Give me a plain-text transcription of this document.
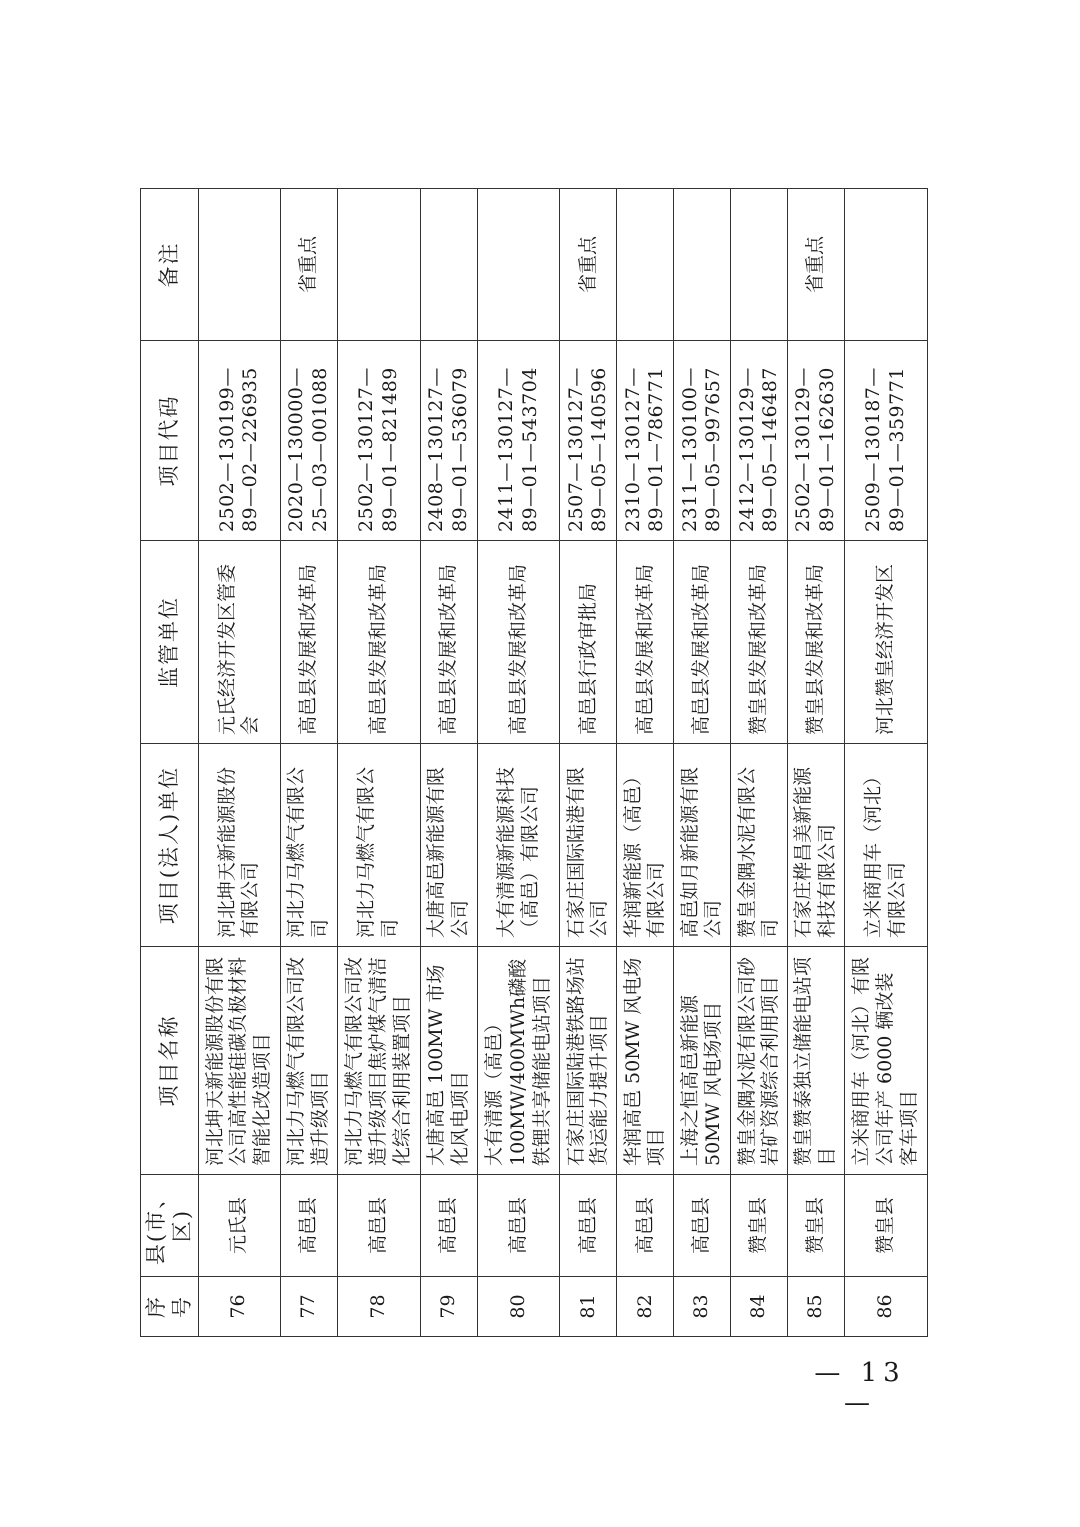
序号	县(市、区)	项目名称	项目(法人)单位	监管单位	项目代码	备注
76	元氏县	河北坤天新能源股份有限公司高性能硅碳负极材料智能化改造项目	河北坤天新能源股份有限公司	元氏经济开发区管委会	2502—130199—89—02—226935	
77	高邑县	河北力马燃气有限公司改造升级项目	河北力马燃气有限公司	高邑县发展和改革局	2020—130000—25—03—001088	省重点
78	高邑县	河北力马燃气有限公司改造升级项目焦炉煤气清洁化综合利用装置项目	河北力马燃气有限公司	高邑县发展和改革局	2502—130127—89—01—821489	
79	高邑县	大唐高邑 100MW 市场化风电项目	大唐高邑新能源有限公司	高邑县发展和改革局	2408—130127—89—01—536079	
80	高邑县	大有清源（高邑）100MW/400MWh磷酸铁锂共享储能电站项目	大有清源新能源科技（高邑）有限公司	高邑县发展和改革局	2411—130127—89—01—543704	
81	高邑县	石家庄国际陆港铁路场站货运能力提升项目	石家庄国际陆港有限公司	高邑县行政审批局	2507—130127—89—05—140596	省重点
82	高邑县	华润高邑 50MW 风电场项目	华润新能源（高邑）有限公司	高邑县发展和改革局	2310—130127—89—01—786771	
83	高邑县	上海之恒高邑新能源 50MW 风电场项目	高邑如月新能源有限公司	高邑县发展和改革局	2311—130100—89—05—997657	
84	赞皇县	赞皇金隅水泥有限公司砂岩矿资源综合利用项目	赞皇金隅水泥有限公司	赞皇县发展和改革局	2412—130129—89—05—146487	
85	赞皇县	赞皇赞泰独立储能电站项目	石家庄桦昌美新能源科技有限公司	赞皇县发展和改革局	2502—130129—89—01—162630	省重点
86	赞皇县	立米商用车（河北）有限公司年产 6000 辆改装客车项目	立米商用车（河北）有限公司	河北赞皇经济开发区	2509—130187—89—01—359771	
— 13 —
